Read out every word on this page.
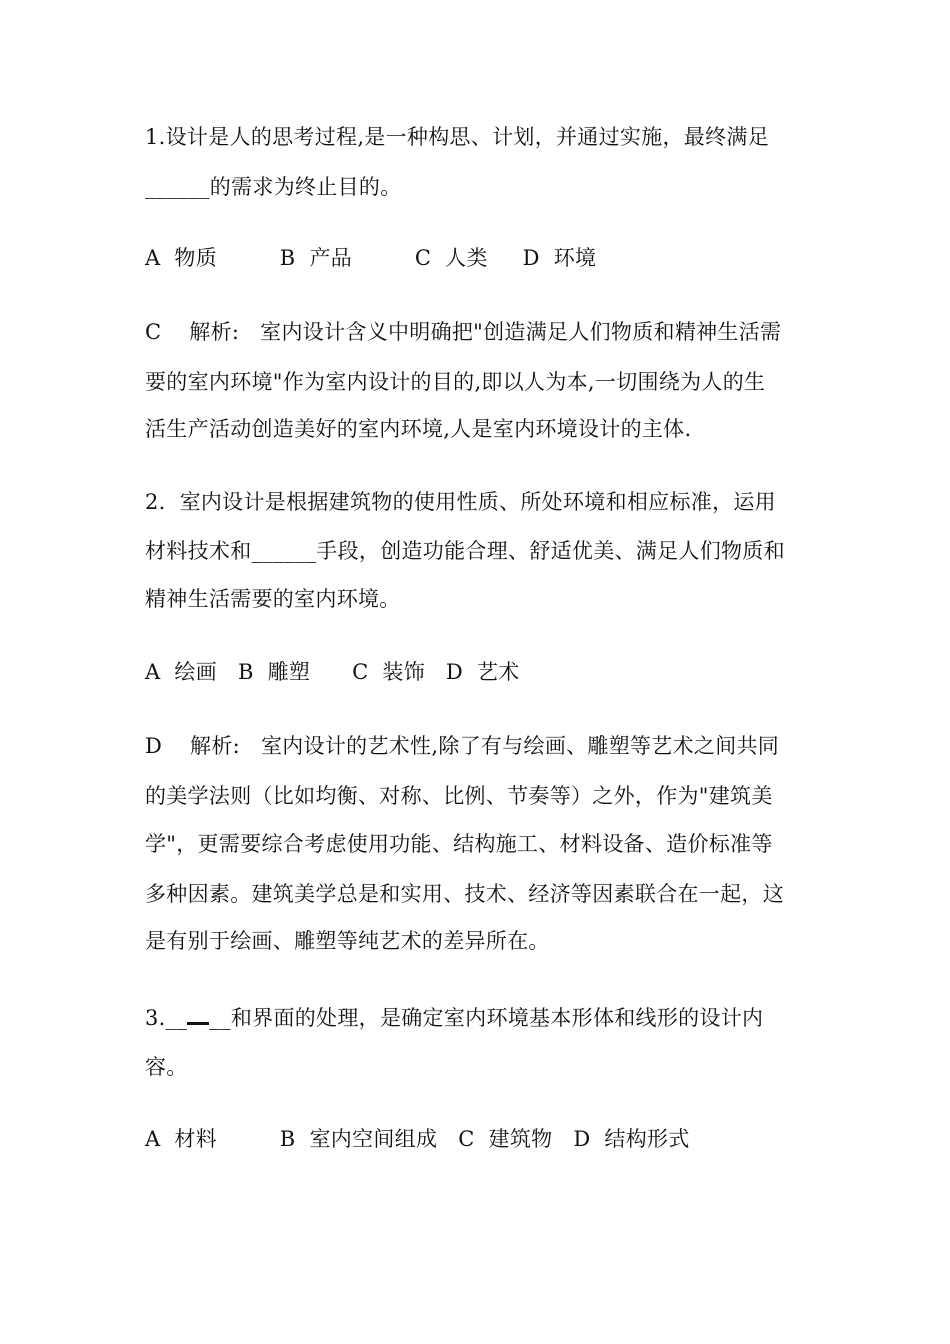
1.设计是人的思考过程,是一种构思、计划，并通过实施，最终满足
______的需求为终止目的。
A  物质         B  产品         C  人类     D  环境
C    解析:   室内设计含义中明确把"创造满足人们物质和精神生活需
要的室内环境"作为室内设计的目的,即以人为本,一切围绕为人的生
活生产活动创造美好的室内环境,人是室内环境设计的主体.
2.  室内设计是根据建筑物的使用性质、所处环境和相应标准，运用
材料技术和______手段，创造功能合理、舒适优美、满足人们物质和
精神生活需要的室内环境。
A  绘画   B  雕塑      C  装饰   D  艺术
D    解析:   室内设计的艺术性,除了有与绘画、雕塑等艺术之间共同
的美学法则（比如均衡、对称、比例、节奏等）之外，作为"建筑美
学"，更需要综合考虑使用功能、结构施工、材料设备、造价标准等
多种因素。建筑美学总是和实用、技术、经济等因素联合在一起，这
是有别于绘画、雕塑等纯艺术的差异所在。
3.__ __和界面的处理，是确定室内环境基本形体和线形的设计内
容。
A  材料         B  室内空间组成   C  建筑物   D  结构形式
